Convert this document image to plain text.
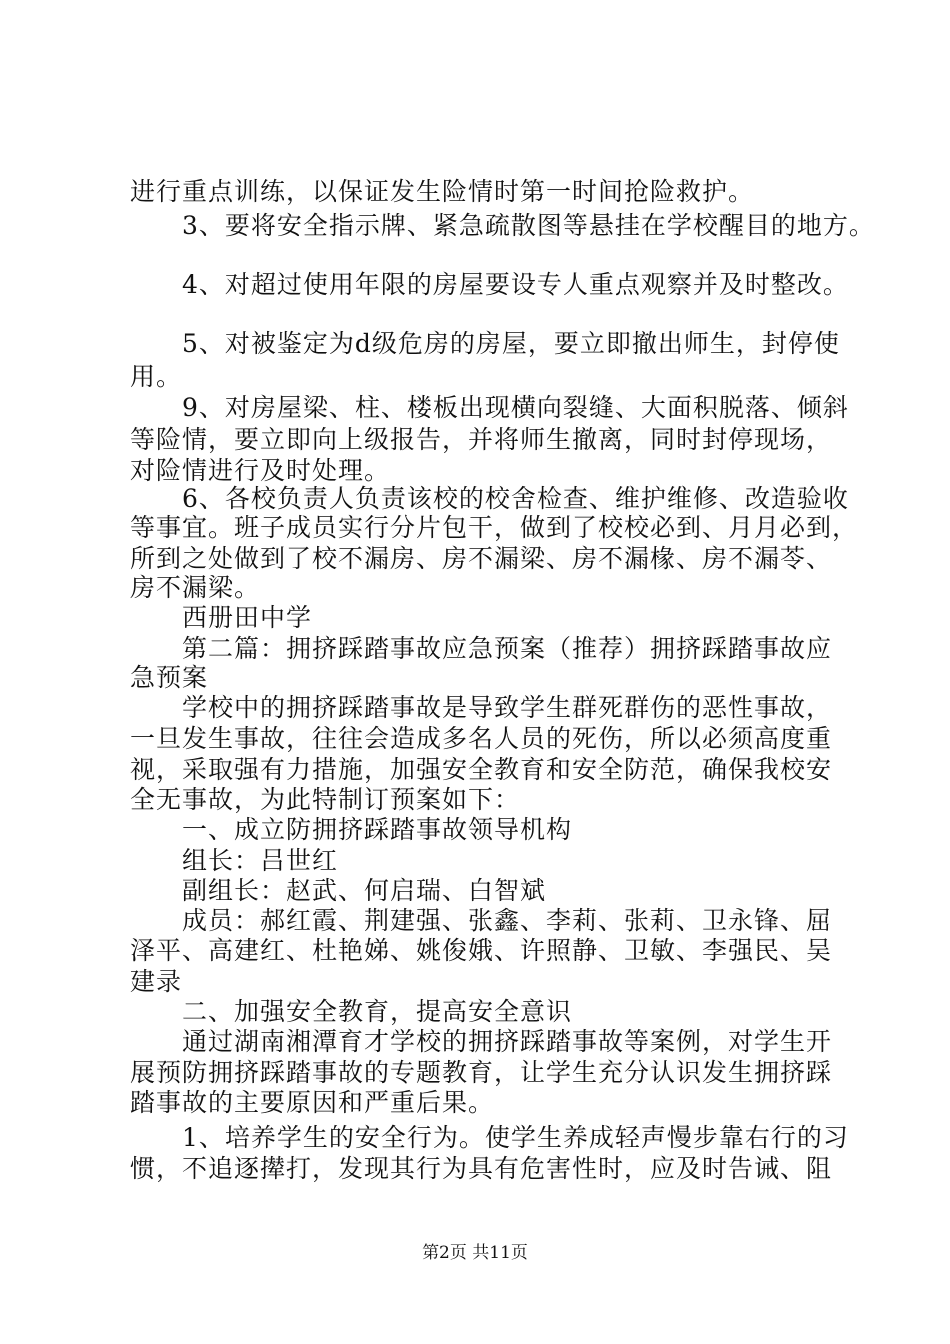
进行重点训练，以保证发生险情时第一时间抢险救护。
　　3、要将安全指示牌、紧急疏散图等悬挂在学校醒目的地方。
　　4、对超过使用年限的房屋要设专人重点观察并及时整改。
　　5、对被鉴定为d级危房的房屋，要立即撤出师生，封停使
用。
　　9、对房屋梁、柱、楼板出现横向裂缝、大面积脱落、倾斜
等险情，要立即向上级报告，并将师生撤离，同时封停现场，
对险情进行及时处理。
　　6、各校负责人负责该校的校舍检查、维护维修、改造验收
等事宜。班子成员实行分片包干，做到了校校必到、月月必到，
所到之处做到了校不漏房、房不漏梁、房不漏椽、房不漏苓、
房不漏梁。
　　西册田中学
　　第二篇：拥挤踩踏事故应急预案（推荐）拥挤踩踏事故应
急预案
　　学校中的拥挤踩踏事故是导致学生群死群伤的恶性事故，
一旦发生事故，往往会造成多名人员的死伤，所以必须高度重
视，采取强有力措施，加强安全教育和安全防范，确保我校安
全无事故，为此特制订预案如下：
　　一、成立防拥挤踩踏事故领导机构
　　组长：吕世红
　　副组长：赵武、何启瑞、白智斌
　　成员：郝红霞、荆建强、张鑫、李莉、张莉、卫永锋、屈
泽平、高建红、杜艳娣、姚俊娥、许照静、卫敏、李强民、吴
建录
　　二、加强安全教育，提高安全意识
　　通过湖南湘潭育才学校的拥挤踩踏事故等案例，对学生开
展预防拥挤踩踏事故的专题教育，让学生充分认识发生拥挤踩
踏事故的主要原因和严重后果。
　　1、培养学生的安全行为。使学生养成轻声慢步靠右行的习
惯，不追逐撵打，发现其行为具有危害性时，应及时告诫、阻
第2页 共11页
